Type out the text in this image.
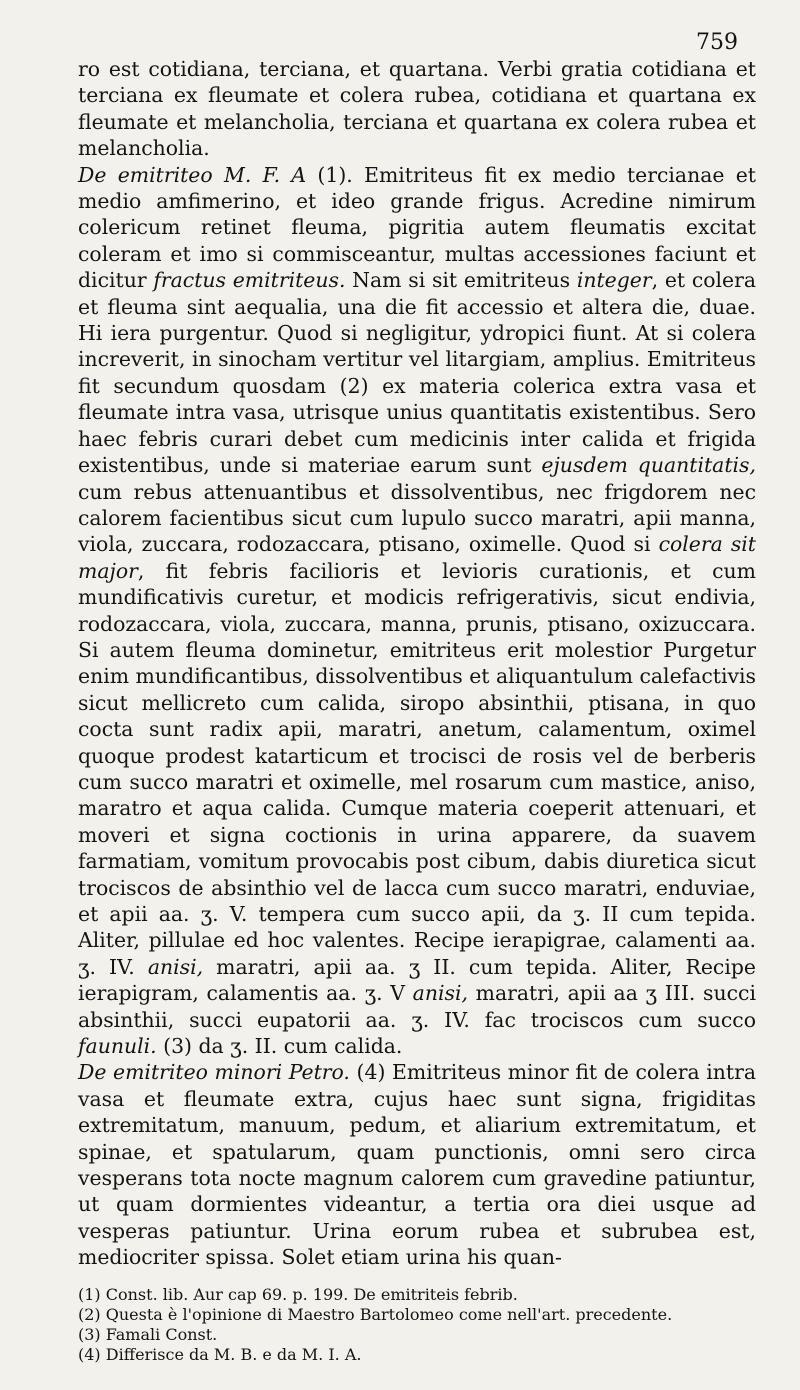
759

ro est cotidiana, terciana, et quartana. Verbi gratia cotidiana et terciana ex fleumate et colera rubea, cotidiana et quartana ex fleumate et melancholia, terciana et quartana ex colera rubea et melancholia.

De emitriteo M. F. A (1). Emitriteus fit ex medio tercianae et medio amfimerino, et ideo grande frigus. Acredine nimirum colericum retinet fleuma, pigritia autem fleumatis excitat coleram et imo si commisceantur, multas accessiones faciunt et dicitur fractus emitriteus. Nam si sit emitriteus integer, et colera et fleuma sint aequalia, una die fit accessio et altera die, duae. Hi iera purgentur. Quod si negligitur, ydropici fiunt. At si colera increverit, in sinocham vertitur vel litargiam, amplius. Emitriteus fit secundum quosdam (2) ex materia colerica extra vasa et fleumate intra vasa, utrisque unius quantitatis existentibus. Sero haec febris curari debet cum medicinis inter calida et frigida existentibus, unde si materiae earum sunt ejusdem quantitatis, cum rebus attenuantibus et dissolventibus, nec frigdorem nec calorem facientibus sicut cum lupulo succo maratri, apii manna, viola, zuccara, rodozaccara, ptisano, oximelle. Quod si colera sit major, fit febris facilioris et levioris curationis, et cum mundificativis curetur, et modicis refrigerativis, sicut endivia, rodozaccara, viola, zuccara, manna, prunis, ptisano, oxizuccara. Si autem fleuma dominetur, emitriteus erit molestior Purgetur enim mundificantibus, dissolventibus et aliquantulum calefactivis sicut mellicreto cum calida, siropo absinthii, ptisana, in quo cocta sunt radix apii, maratri, anetum, calamentum, oximel quoque prodest katarticum et trocisci de rosis vel de berberis cum succo maratri et oximelle, mel rosarum cum mastice, aniso, maratro et aqua calida. Cumque materia coeperit attenuari, et moveri et signa coctionis in urina apparere, da suavem farmatiam, vomitum provocabis post cibum, dabis diuretica sicut trociscos de absinthio vel de lacca cum succo maratri, enduviae, et apii aa. ʒ. V. tempera cum succo apii, da ʒ. II cum tepida. Aliter, pillulae ed hoc valentes. Recipe ierapigrae, calamenti aa. ʒ. IV. anisi, maratri, apii aa. ʒ II. cum tepida. Aliter, Recipe ierapigram, calamentis aa. ʒ. V anisi, maratri, apii aa ʒ III. succi absinthii, succi eupatorii aa. ʒ. IV. fac trociscos cum succo faunuli. (3) da ʒ. II. cum calida.

De emitriteo minori Petro. (4) Emitriteus minor fit de colera intra vasa et fleumate extra, cujus haec sunt signa, frigiditas extremitatum, manuum, pedum, et aliarium extremitatum, et spinae, et spatularum, quam punctionis, omni sero circa vesperans tota nocte magnum calorem cum gravedine patiuntur, ut quam dormientes videantur, a tertia ora diei usque ad vesperas patiuntur. Urina eorum rubea et subrubea est, mediocriter spissa. Solet etiam urina his quan-

(1) Const. lib. Aur cap 69. p. 199. De emitriteis febrib.
(2) Questa è l'opinione di Maestro Bartolomeo come nell'art. precedente.
(3) Famali Const.
(4) Differisce da M. B. e da M. I. A.
